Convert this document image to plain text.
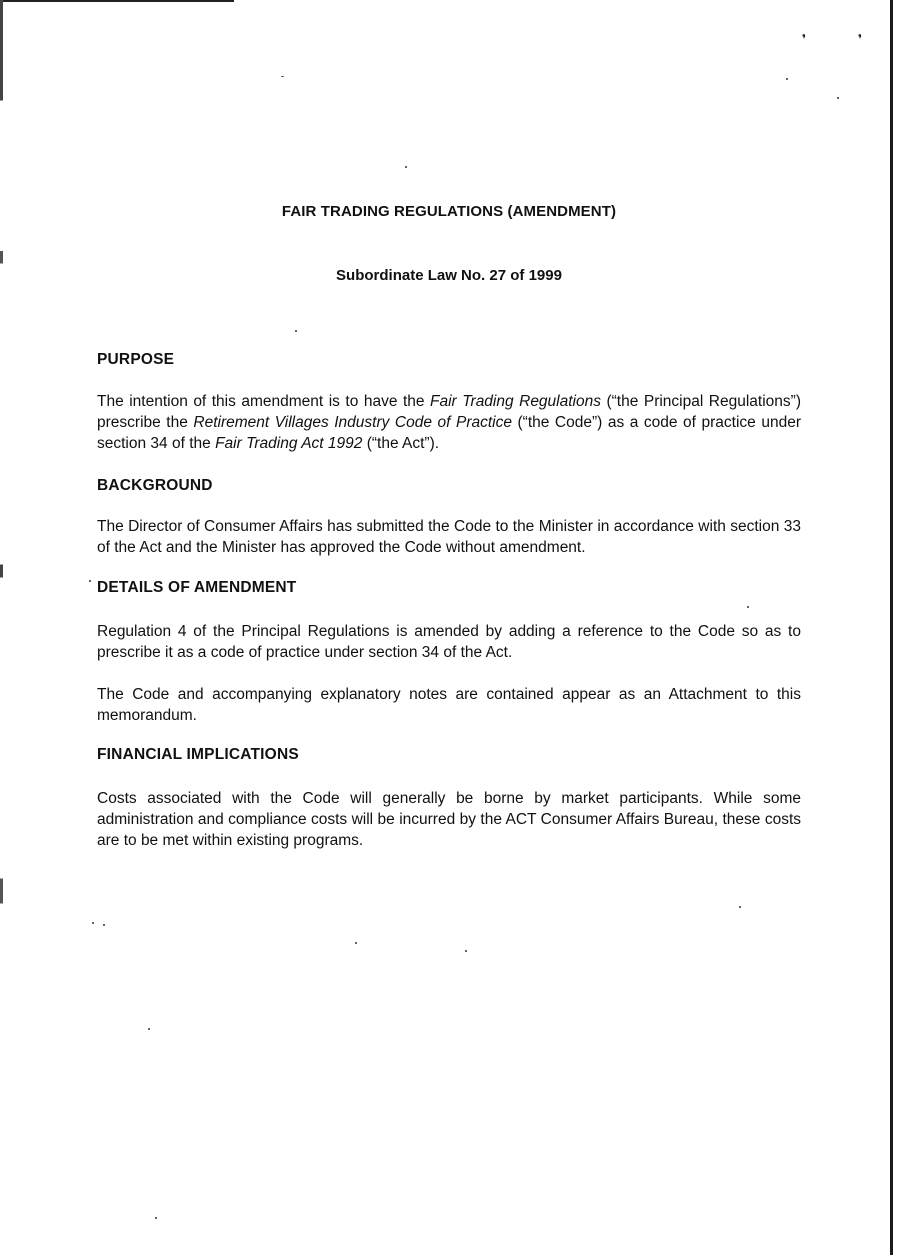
❜	❜
FAIR TRADING REGULATIONS (AMENDMENT)
Subordinate Law No. 27 of 1999
PURPOSE

The intention of this amendment is to have the Fair Trading Regulations (“the Principal Regulations”) prescribe the Retirement Villages Industry Code of Practice (“the Code”) as a code of practice under section 34 of the Fair Trading Act 1992 (“the Act”).

BACKGROUND

The Director of Consumer Affairs has submitted the Code to the Minister in accordance with section 33 of the Act and the Minister has approved the Code without amendment.

DETAILS OF AMENDMENT

Regulation 4 of the Principal Regulations is amended by adding a reference to the Code so as to prescribe it as a code of practice under section 34 of the Act.

The Code and accompanying explanatory notes are contained appear as an Attachment to this memorandum.

FINANCIAL IMPLICATIONS

Costs associated with the Code will generally be borne by market participants. While some administration and compliance costs will be incurred by the ACT Consumer Affairs Bureau, these costs are to be met within existing programs.
